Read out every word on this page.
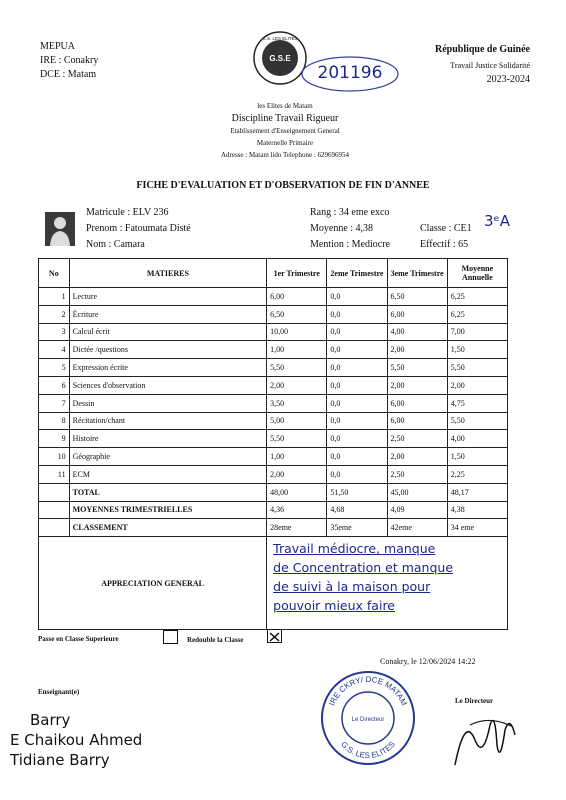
MEPUA
IRE : Conakry
DCE : Matam
G.S.E
G.S. LES ELITES
201196
République de Guinée
Travail Justice Solidarité
2023-2024
les Elites de Matam
Discipline Travail Rigueur
Etablissement d'Enseignement General
Maternelle Primaire
Adresse : Matam lido Telephone : 629696954
FICHE D'EVALUATION ET D'OBSERVATION DE FIN D'ANNEE
Matricule : ELV 236
Prenom : Fatoumata Disté
Nom : Camara
Rang : 34 eme exco
Moyenne : 4,38
Mention : Mediocre
Classe : CE1
Effectif : 65
3ᵉA
No	MATIERES	1er Trimestre	2eme Trimestre	3eme Trimestre	Moyenne Annuelle
1	Lecture	6,00	0,0	6,50	6,25
2	Écriture	6,50	0,0	6,00	6,25
3	Calcul écrit	10,00	0,0	4,00	7,00
4	Dictée /questions	1,00	0,0	2,00	1,50
5	Expression écrite	5,50	0,0	5,50	5,50
6	Sciences d'observation	2,00	0,0	2,00	2,00
7	Dessin	3,50	0,0	6,00	4,75
8	Récitation/chant	5,00	0,0	6,00	5,50
9	Histoire	5,50	0,0	2,50	4,00
10	Géographie	1,00	0,0	2,00	1,50
11	ECM	2,00	0,0	2,50	2,25
	TOTAL	48,00	51,50	45,00	48,17
	MOYENNES TRIMESTRIELLES	4,36	4,68	4,09	4,38
	CLASSEMENT	28eme	35eme	42eme	34 eme
APPRECIATION GENERAL		Travail médiocre, manque
de Concentration et manque
de suivi à la maison pour
pouvoir mieux faire			
Passe en Classe Superieure	Redouble la Classe
Conakry, le 12/06/2024 14:22
IRE CKRY/ DCE MATAM
G.S. LES ELITES
Le Directeur
Enseignant(e)
Barry
E Chaikou Ahmed
Tidiane Barry
Le Directeur
